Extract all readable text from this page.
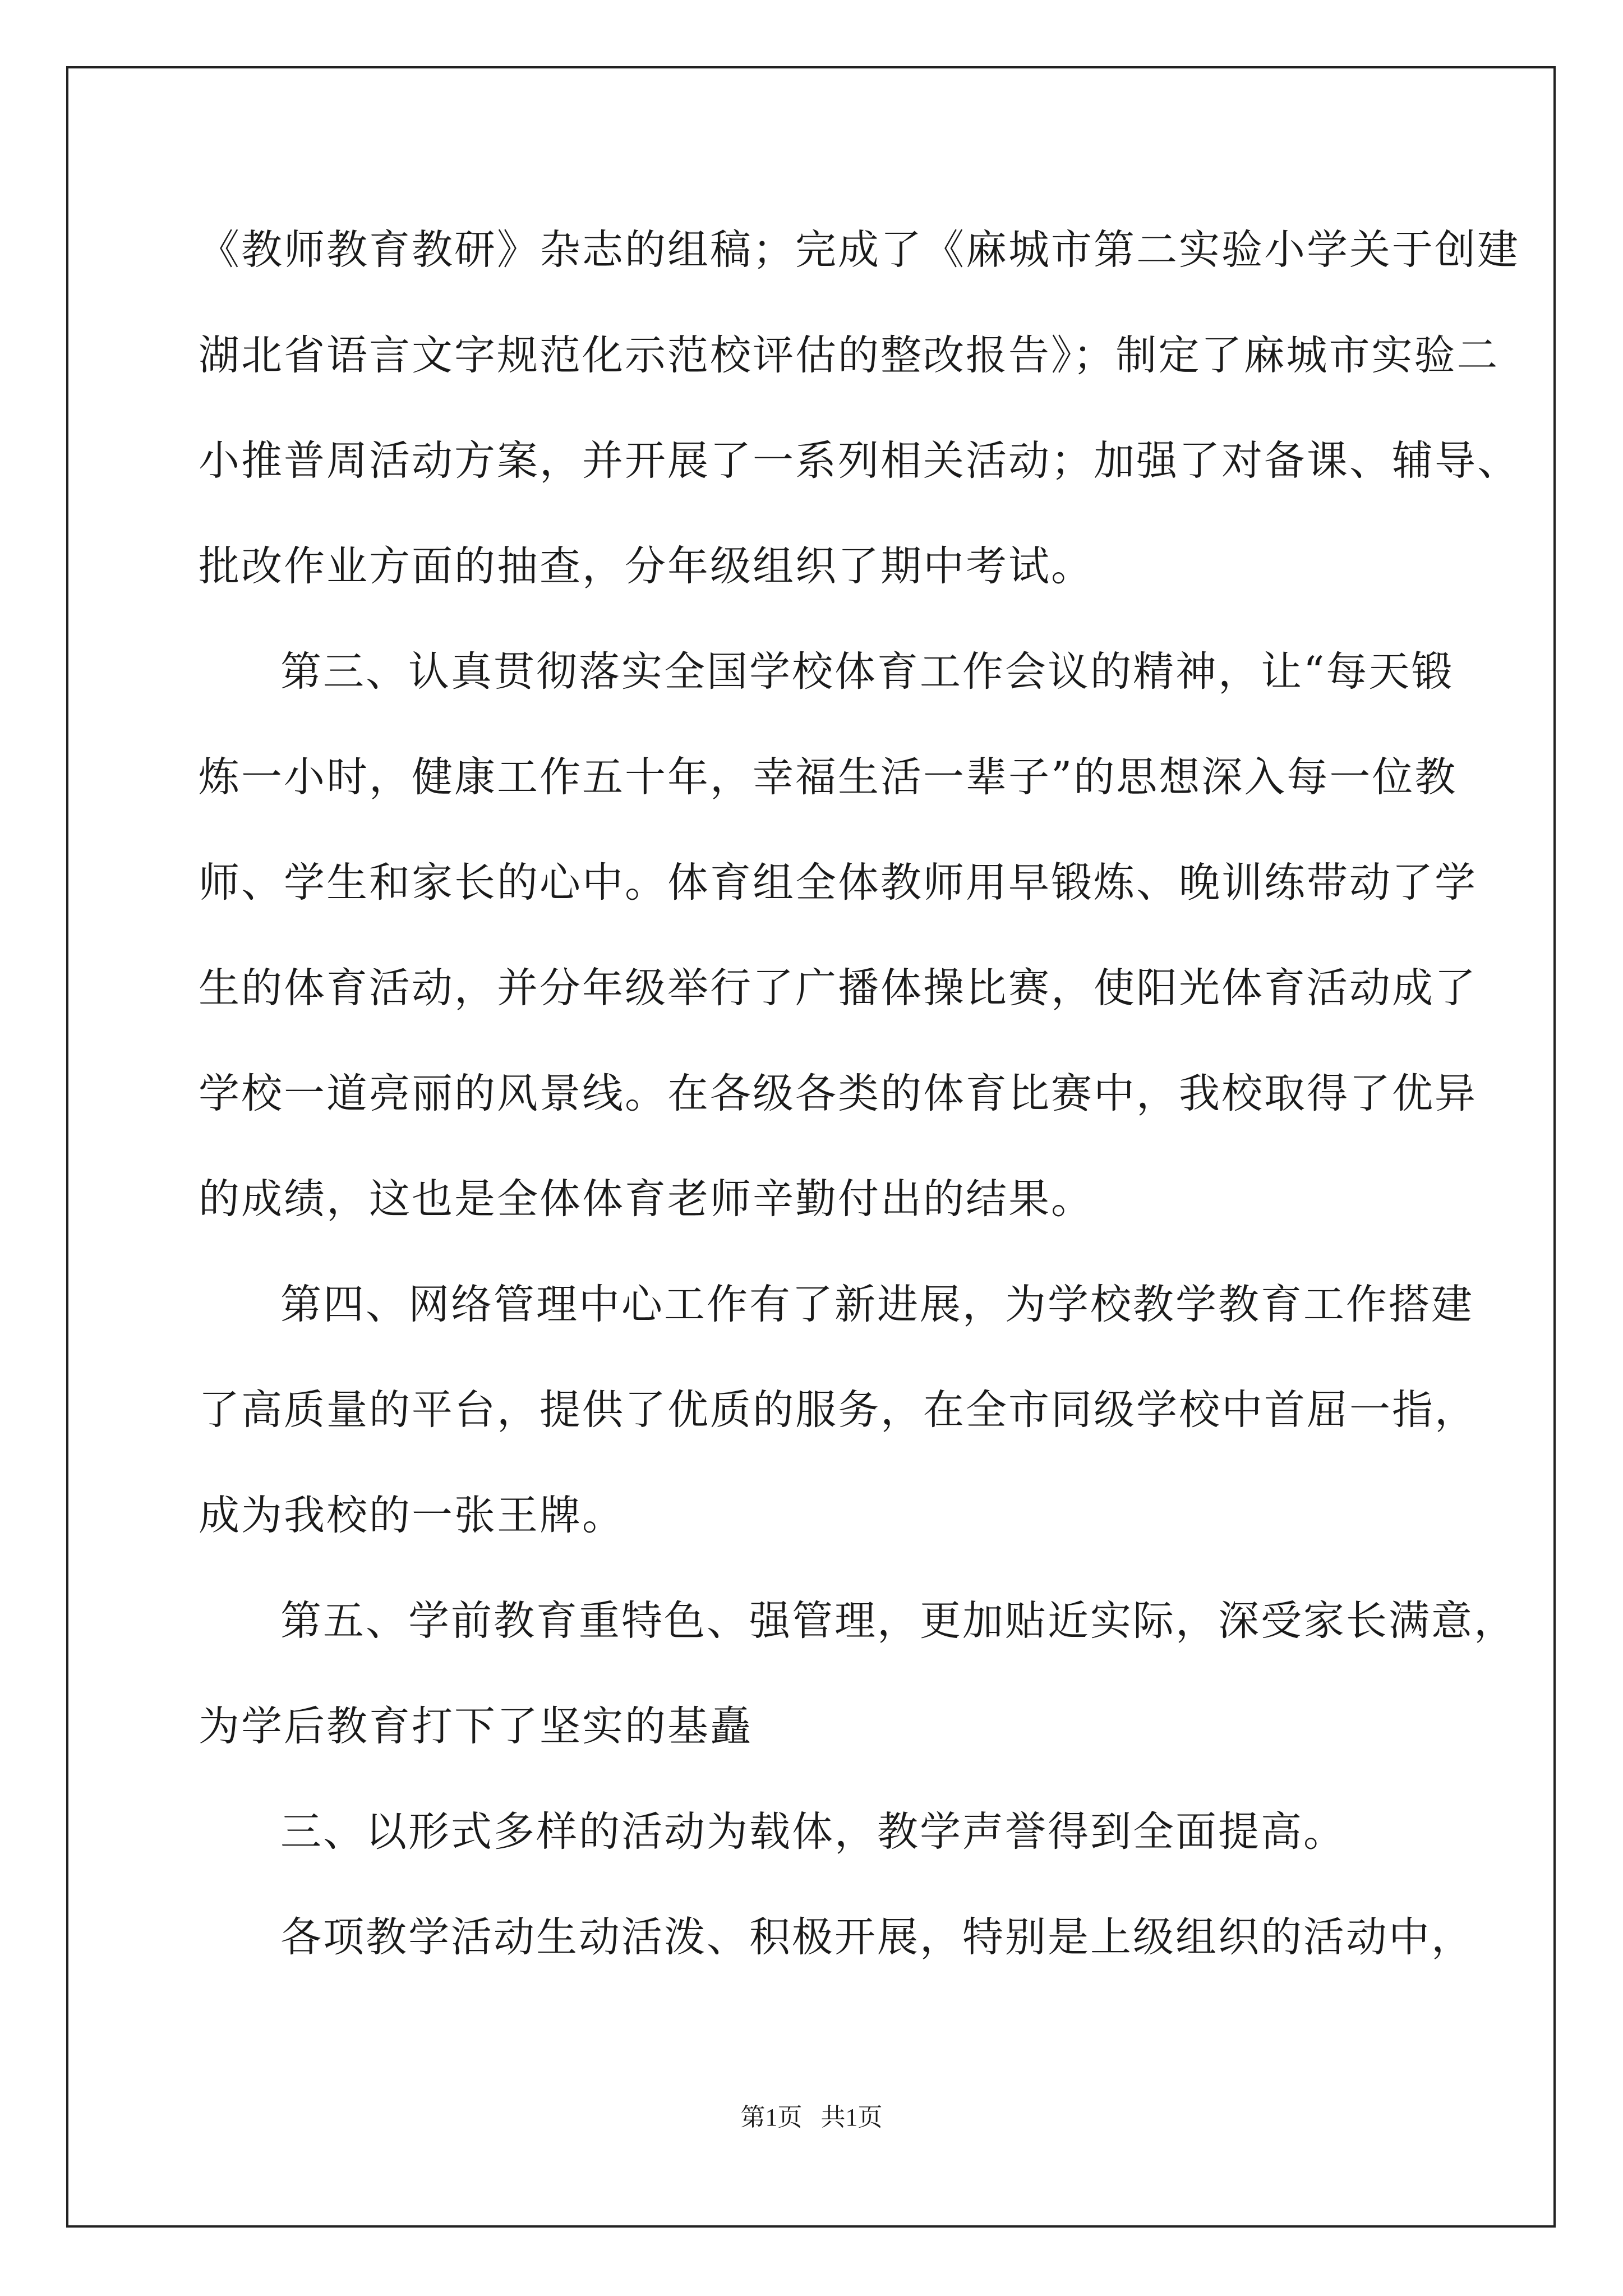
《教师教育教研》杂志的组稿；完成了《麻城市第二实验小学关于创建
湖北省语言文字规范化示范校评估的整改报告》；制定了麻城市实验二
小推普周活动方案，并开展了一系列相关活动；加强了对备课、辅导、
批改作业方面的抽查，分年级组织了期中考试。
第三、认真贯彻落实全国学校体育工作会议的精神，让“每天锻
炼一小时，健康工作五十年，幸福生活一辈子”的思想深入每一位教
师、学生和家长的心中。体育组全体教师用早锻炼、晚训练带动了学
生的体育活动，并分年级举行了广播体操比赛，使阳光体育活动成了
学校一道亮丽的风景线。在各级各类的体育比赛中，我校取得了优异
的成绩，这也是全体体育老师辛勤付出的结果。
第四、网络管理中心工作有了新进展，为学校教学教育工作搭建
了高质量的平台，提供了优质的服务，在全市同级学校中首屈一指，
成为我校的一张王牌。
第五、学前教育重特色、强管理，更加贴近实际，深受家长满意，
为学后教育打下了坚实的基矗
三、以形式多样的活动为载体，教学声誉得到全面提高。
各项教学活动生动活泼、积极开展，特别是上级组织的活动中，
第1页   共1页
